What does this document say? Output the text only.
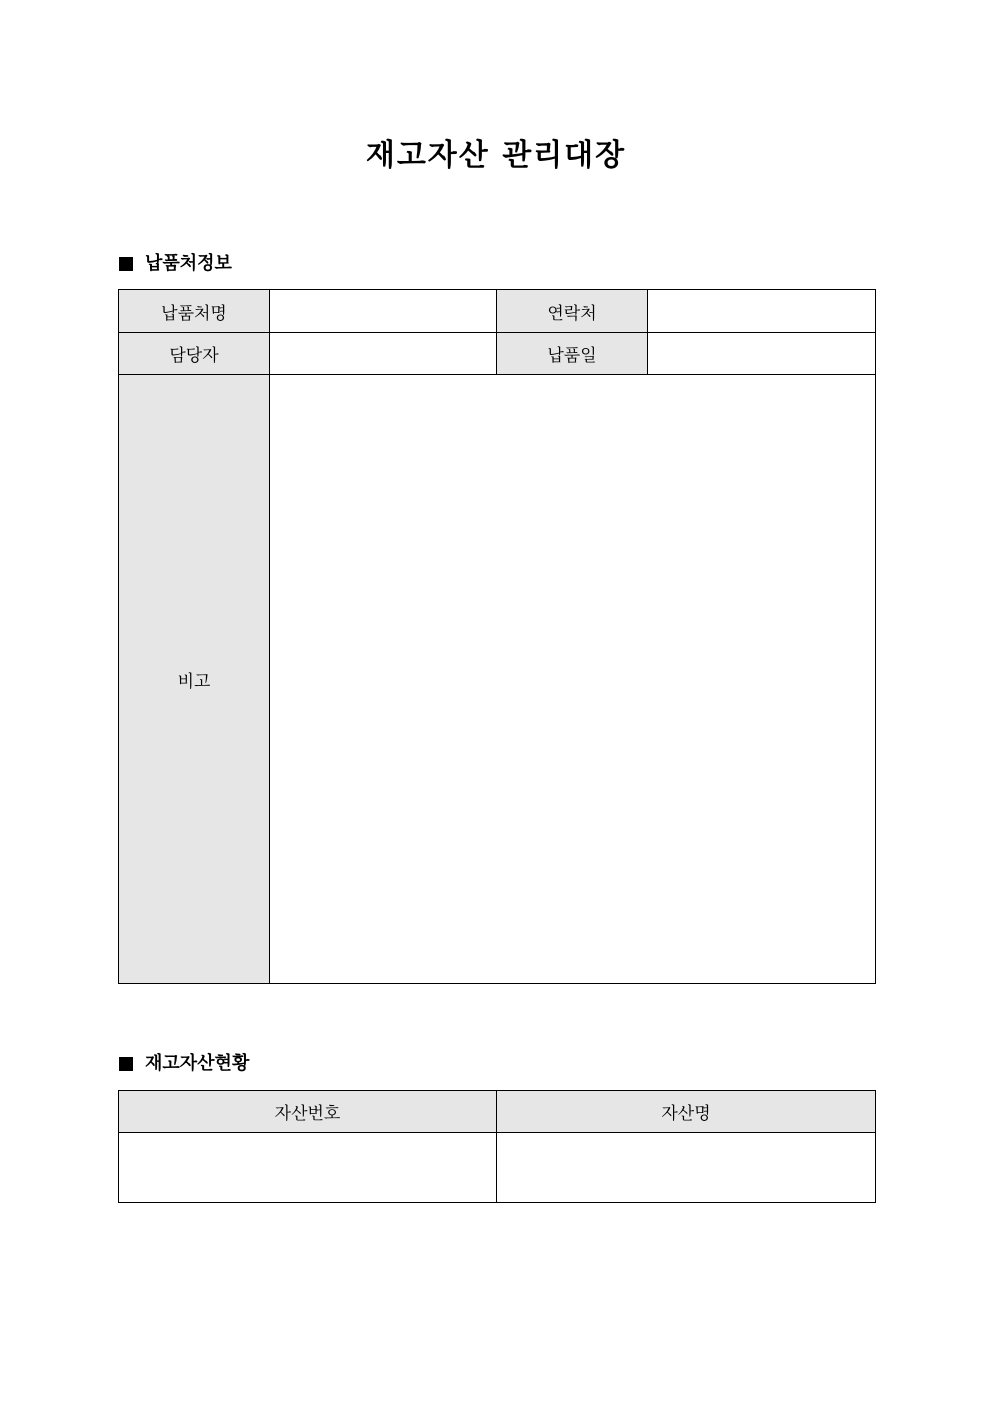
재고자산 관리대장
납품처정보
납품처명		연락처	
담당자		납품일	
비고			
재고자산현황
자산번호	자산명
